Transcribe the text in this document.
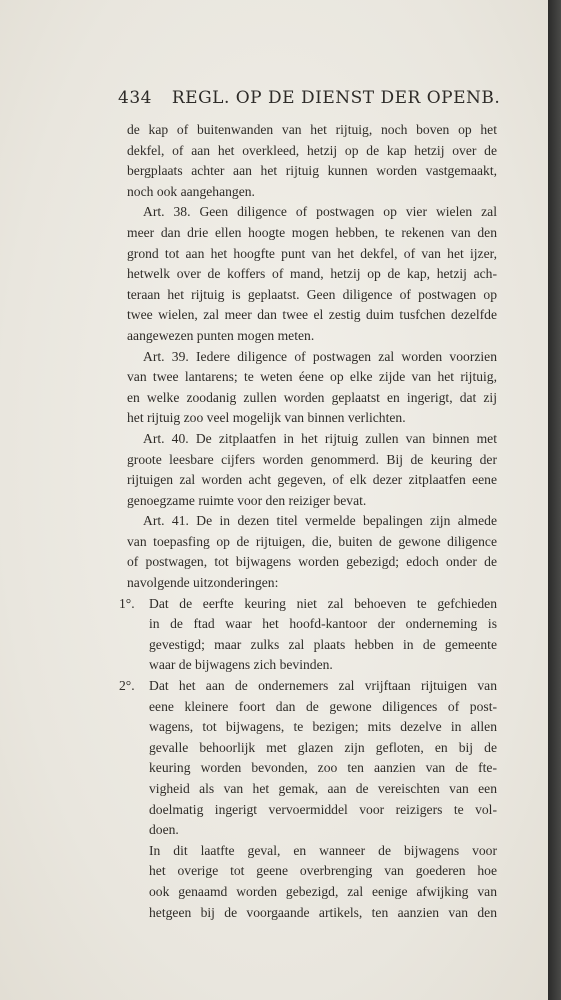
434 REGL. OP DE DIENST DER OPENB.
de kap of buitenwanden van het rijtuig, noch boven op het
dekfel, of aan het overkleed, hetzij op de kap hetzij over de
bergplaats achter aan het rijtuig kunnen worden vastgemaakt,
noch ook aangehangen.
Art. 38. Geen diligence of postwagen op vier wielen zal
meer dan drie ellen hoogte mogen hebben, te rekenen van den
grond tot aan het hoogfte punt van het dekfel, of van het ijzer,
hetwelk over de koffers of mand, hetzij op de kap, hetzij ach-
teraan het rijtuig is geplaatst. Geen diligence of postwagen op
twee wielen, zal meer dan twee el zestig duim tusfchen dezelfde
aangewezen punten mogen meten.
Art. 39. Iedere diligence of postwagen zal worden voorzien
van twee lantarens; te weten éene op elke zijde van het rijtuig,
en welke zoodanig zullen worden geplaatst en ingerigt, dat zij
het rijtuig zoo veel mogelijk van binnen verlichten.
Art. 40. De zitplaatfen in het rijtuig zullen van binnen met
groote leesbare cijfers worden genommerd. Bij de keuring der
rijtuigen zal worden acht gegeven, of elk dezer zitplaatfen eene
genoegzame ruimte voor den reiziger bevat.
Art. 41. De in dezen titel vermelde bepalingen zijn almede
van toepasfing op de rijtuigen, die, buiten de gewone diligence
of postwagen, tot bijwagens worden gebezigd; edoch onder de
navolgende uitzonderingen:
1°.	Dat de eerfte keuring niet zal behoeven te gefchieden
in de ftad waar het hoofd-kantoor der onderneming is
gevestigd; maar zulks zal plaats hebben in de gemeente
waar de bijwagens zich bevinden.
2°.	Dat het aan de ondernemers zal vrijftaan rijtuigen van
eene kleinere foort dan de gewone diligences of post-
wagens, tot bijwagens, te bezigen; mits dezelve in allen
gevalle behoorlijk met glazen zijn gefloten, en bij de
keuring worden bevonden, zoo ten aanzien van de fte-
vigheid als van het gemak, aan de vereischten van een
doelmatig ingerigt vervoermiddel voor reizigers te vol-
doen.
In dit laatfte geval, en wanneer de bijwagens voor
het overige tot geene overbrenging van goederen hoe
ook genaamd worden gebezigd, zal eenige afwijking van
hetgeen bij de voorgaande artikels, ten aanzien van den
